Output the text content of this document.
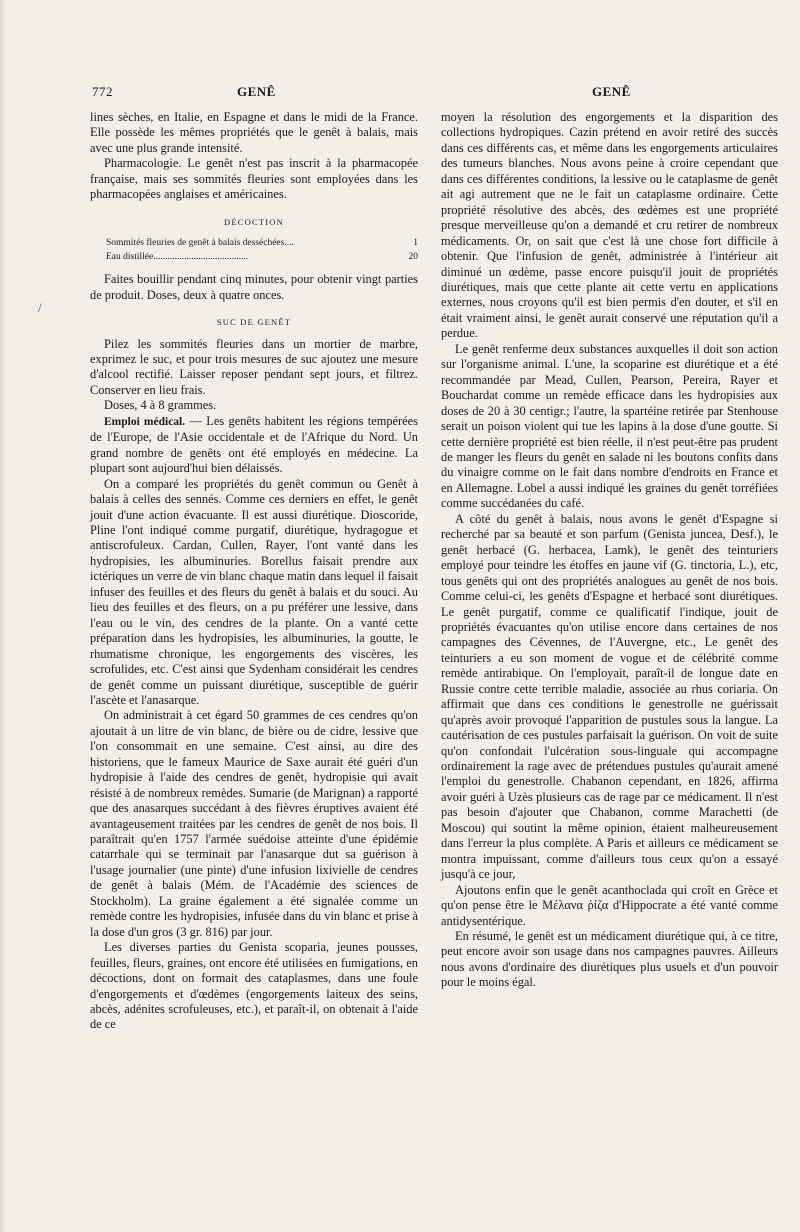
772	GENÊ	GENÊ
/

lines sèches, en Italie, en Espagne et dans le midi de la France. Elle possède les mêmes propriétés que le genêt à balais, mais avec une plus grande intensité.

Pharmacologie. Le genêt n'est pas inscrit à la pharmacopée française, mais ses sommités fleuries sont employées dans les pharmacopées anglaises et américaines.

DÉCOCTION
Sommités fleuries de genêt à balais desséchées....	1
Eau distillée........................................	20

Faites bouillir pendant cinq minutes, pour obtenir vingt parties de produit. Doses, deux à quatre onces.

SUC DE GENÊT

Pilez les sommités fleuries dans un mortier de marbre, exprimez le suc, et pour trois mesures de suc ajoutez une mesure d'alcool rectifié. Laisser reposer pendant sept jours, et filtrez. Conserver en lieu frais.

Doses, 4 à 8 grammes.

Emploi médical. — Les genêts habitent les régions tempérées de l'Europe, de l'Asie occidentale et de l'Afrique du Nord. Un grand nombre de genêts ont été employés en médecine. La plupart sont aujourd'hui bien délaissés.

On a comparé les propriétés du genêt commun ou Genêt à balais à celles des sennés. Comme ces derniers en effet, le genêt jouit d'une action évacuante. Il est aussi diurétique. Dioscoride, Pline l'ont indiqué comme purgatif, diurétique, hydragogue et antiscrofuleux. Cardan, Cullen, Rayer, l'ont vanté dans les hydropisies, les albuminuries. Borellus faisait prendre aux ictériques un verre de vin blanc chaque matin dans lequel il faisait infuser des feuilles et des fleurs du genêt à balais et du souci. Au lieu des feuilles et des fleurs, on a pu préférer une lessive, dans l'eau ou le vin, des cendres de la plante. On a vanté cette préparation dans les hydropisies, les albuminuries, la goutte, le rhumatisme chronique, les engorgements des viscères, les scrofulides, etc. C'est ainsi que Sydenham considérait les cendres de genêt comme un puissant diurétique, susceptible de guérir l'ascète et l'anasarque.

On administrait à cet égard 50 grammes de ces cendres qu'on ajoutait à un litre de vin blanc, de bière ou de cidre, lessive que l'on consommait en une semaine. C'est ainsi, au dire des historiens, que le fameux Maurice de Saxe aurait été guéri d'un hydropisie à l'aide des cendres de genêt, hydropisie qui avait résisté à de nombreux remèdes. Sumarie (de Marignan) a rapporté que des anasarques succédant à des fièvres éruptives avaient été avantageusement traitées par les cendres de genêt de nos bois. Il paraîtrait qu'en 1757 l'armée suédoise atteinte d'une épidémie catarrhale qui se terminait par l'anasarque dut sa guérison à l'usage journalier (une pinte) d'une infusion lixivielle de cendres de genêt à balais (Mém. de l'Académie des sciences de Stockholm). La graine également a été signalée comme un remède contre les hydropisies, infusée dans du vin blanc et prise à la dose d'un gros (3 gr. 816) par jour.

Les diverses parties du Genista scoparia, jeunes pousses, feuilles, fleurs, graines, ont encore été utilisées en fumigations, en décoctions, dont on formait des cataplasmes, dans une foule d'engorgements et d'œdèmes (engorgements laiteux des seins, abcès, adénites scrofuleuses, etc.), et paraît-il, on obtenait à l'aide de ce

moyen la résolution des engorgements et la disparition des collections hydropiques. Cazin prétend en avoir retiré des succès dans ces différents cas, et même dans les engorgements articulaires des tumeurs blanches. Nous avons peine à croire cependant que dans ces différentes conditions, la lessive ou le cataplasme de genêt ait agi autrement que ne le fait un cataplasme ordinaire. Cette propriété résolutive des abcès, des œdèmes est une propriété presque merveilleuse qu'on a demandé et cru retirer de nombreux médicaments. Or, on sait que c'est là une chose fort difficile à obtenir. Que l'infusion de genêt, administrée à l'intérieur ait diminué un œdème, passe encore puisqu'il jouit de propriétés diurétiques, mais que cette plante ait cette vertu en applications externes, nous croyons qu'il est bien permis d'en douter, et s'il en était vraiment ainsi, le genêt aurait conservé une réputation qu'il a perdue.

Le genêt renferme deux substances auxquelles il doit son action sur l'organisme animal. L'une, la scoparine est diurétique et a été recommandée par Mead, Cullen, Pearson, Pereira, Rayer et Bouchardat comme un remède efficace dans les hydropisies aux doses de 20 à 30 centigr.; l'autre, la spartéine retirée par Stenhouse serait un poison violent qui tue les lapins à la dose d'une goutte. Si cette dernière propriété est bien réelle, il n'est peut-être pas prudent de manger les fleurs du genêt en salade ni les boutons confits dans du vinaigre comme on le fait dans nombre d'endroits en France et en Allemagne. Lobel a aussi indiqué les graines du genêt torréfiées comme succédanées du café.

A côté du genêt à balais, nous avons le genêt d'Espagne si recherché par sa beauté et son parfum (Genista juncea, Desf.), le genêt herbacé (G. herbacea, Lamk), le genêt des teinturiers employé pour teindre les étoffes en jaune vif (G. tinctoria, L.), etc, tous genêts qui ont des propriétés analogues au genêt de nos bois. Comme celui-ci, les genêts d'Espagne et herbacé sont diurétiques. Le genêt purgatif, comme ce qualificatif l'indique, jouit de propriétés évacuantes qu'on utilise encore dans certaines de nos campagnes des Cévennes, de l'Auvergne, etc., Le genêt des teinturiers a eu son moment de vogue et de célébrité comme remède antirabique. On l'employait, paraît-il de longue date en Russie contre cette terrible maladie, associée au rhus coriaria. On affirmait que dans ces conditions le genestrolle ne guérissait qu'après avoir provoqué l'apparition de pustules sous la langue. La cautérisation de ces pustules parfaisait la guérison. On voit de suite qu'on confondait l'ulcération sous-linguale qui accompagne ordinairement la rage avec de prétendues pustules qu'aurait amené l'emploi du genestrolle. Chabanon cependant, en 1826, affirma avoir guéri à Uzès plusieurs cas de rage par ce médicament. Il n'est pas besoin d'ajouter que Chabanon, comme Marachetti (de Moscou) qui soutint la même opinion, étaient malheureusement dans l'erreur la plus complète. A Paris et ailleurs ce médicament se montra impuissant, comme d'ailleurs tous ceux qu'on a essayé jusqu'à ce jour,

Ajoutons enfin que le genêt acanthoclada qui croît en Grèce et qu'on pense être le Μέλανα ῥίζα d'Hippocrate a été vanté comme antidysentérique.

En résumé, le genêt est un médicament diurétique qui, à ce titre, peut encore avoir son usage dans nos campagnes pauvres. Ailleurs nous avons d'ordinaire des diurétiques plus usuels et d'un pouvoir pour le moins égal.
